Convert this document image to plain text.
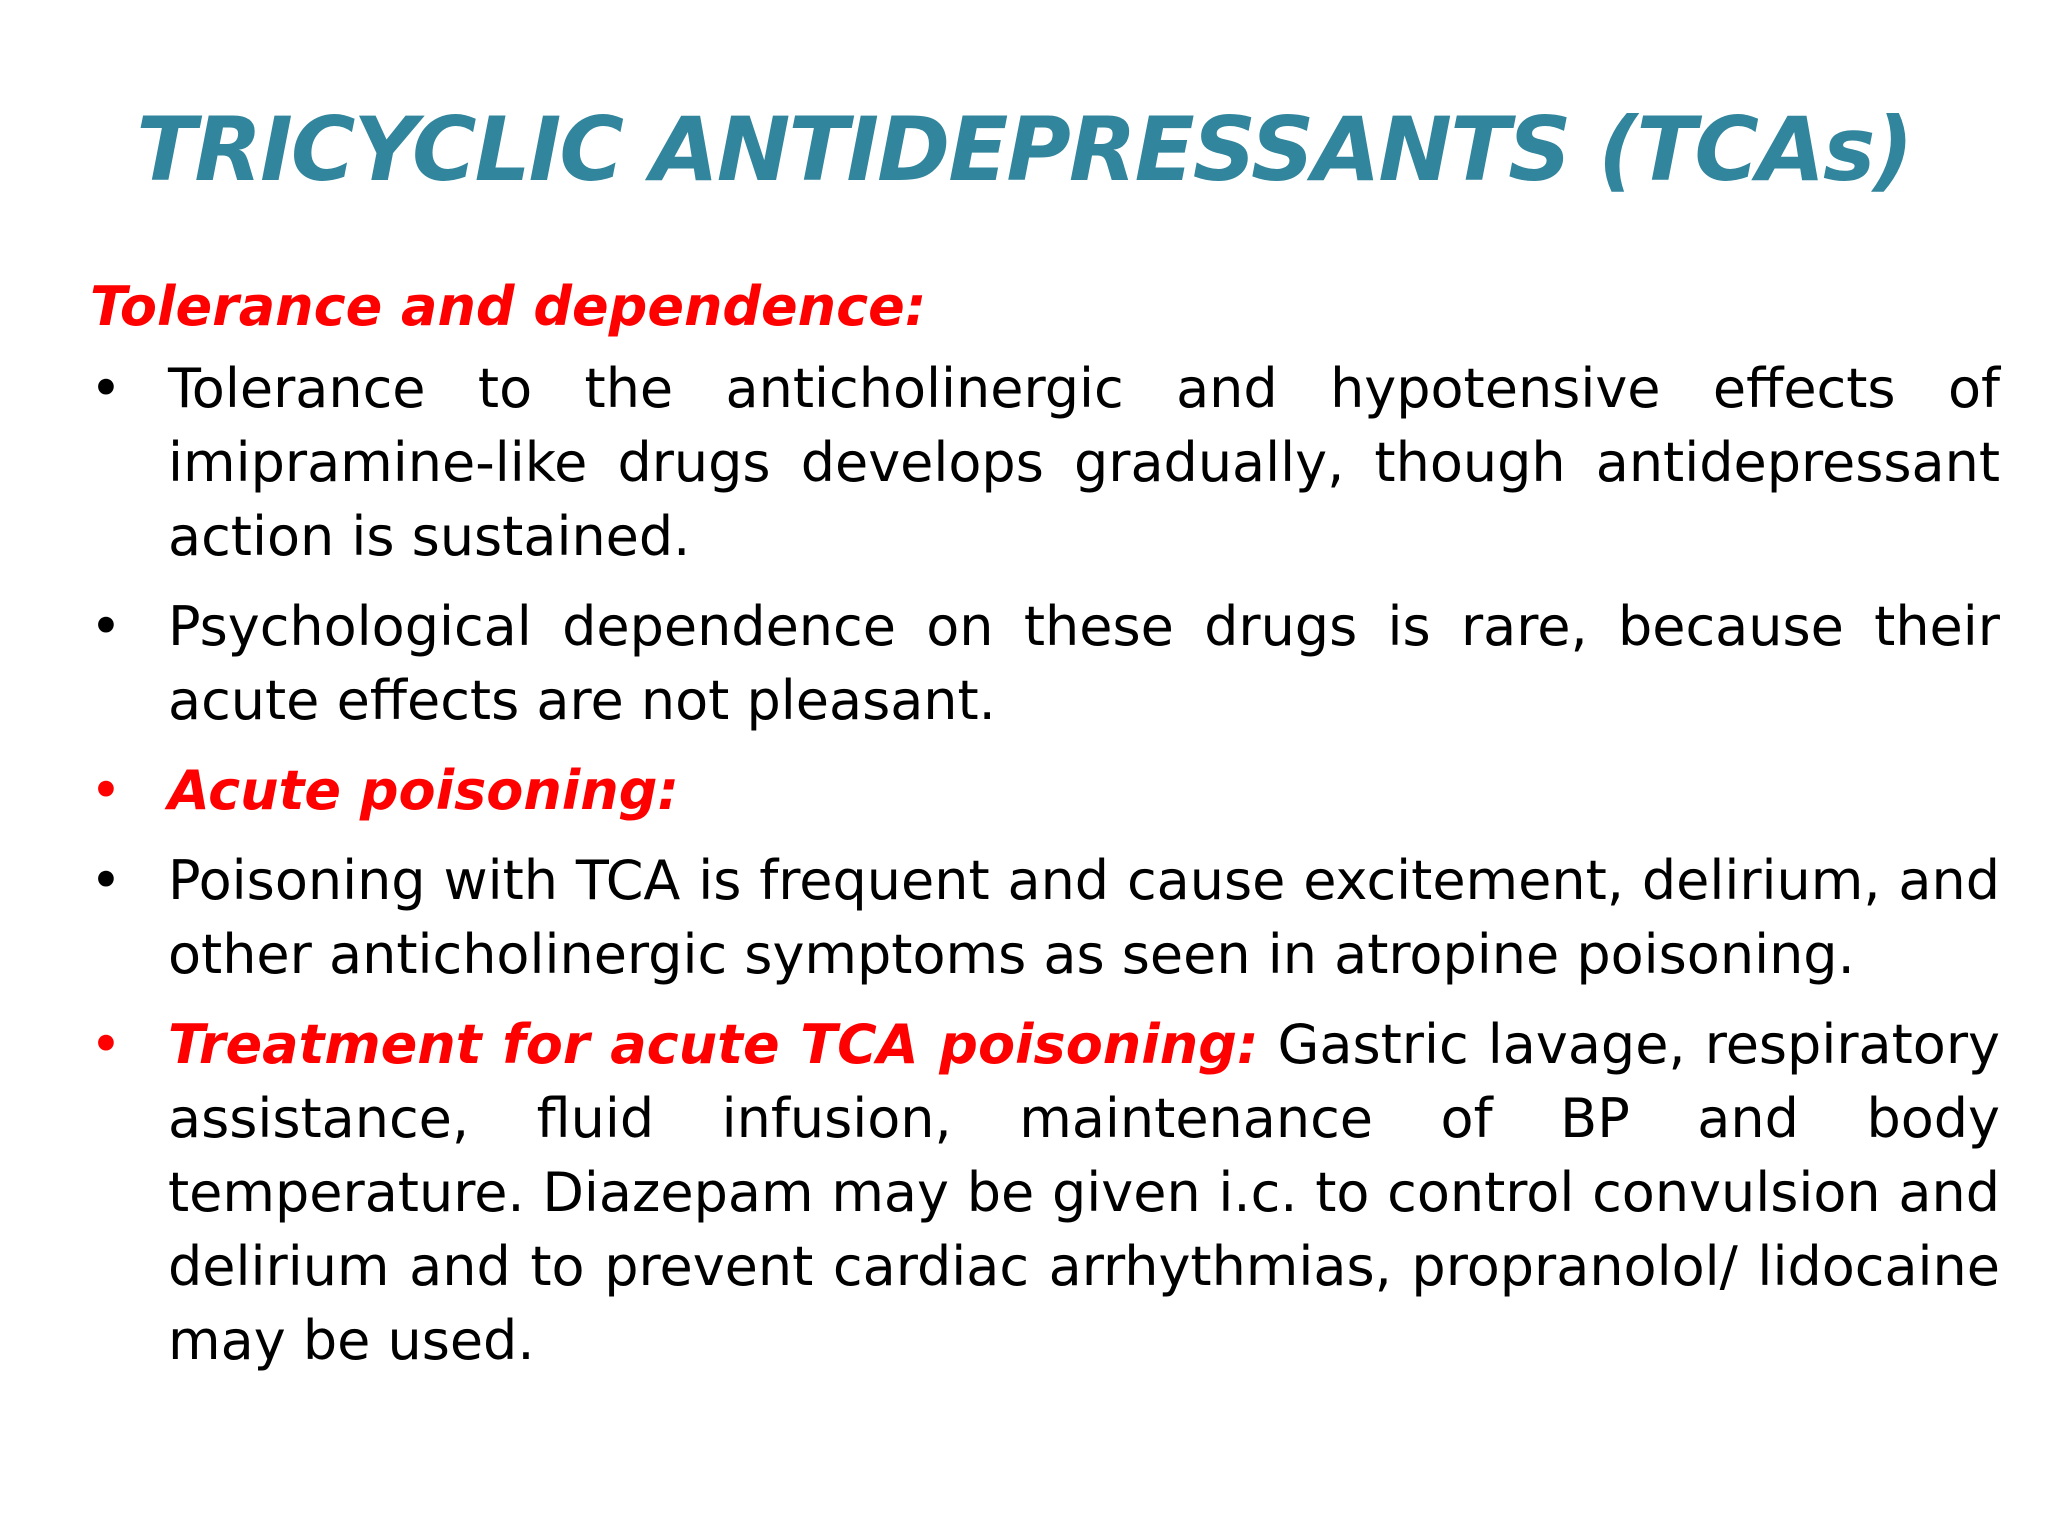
TRICYCLIC ANTIDEPRESSANTS (TCAs)
Tolerance and dependence:
• Tolerance to the anticholinergic and hypotensive effects of imipramine-like drugs develops gradually, though antidepressant action is sustained.
• Psychological dependence on these drugs is rare, because their acute effects are not pleasant.
• Acute poisoning:
• Poisoning with TCA is frequent and cause excitement, delirium, and other anticholinergic symptoms as seen in atropine poisoning.
• Treatment for acute TCA poisoning: Gastric lavage, respiratory assistance, fluid infusion, maintenance of BP and body temperature. Diazepam may be given i.c. to control convulsion and delirium and to prevent cardiac arrhythmias, propranolol/ lidocaine may be used.
